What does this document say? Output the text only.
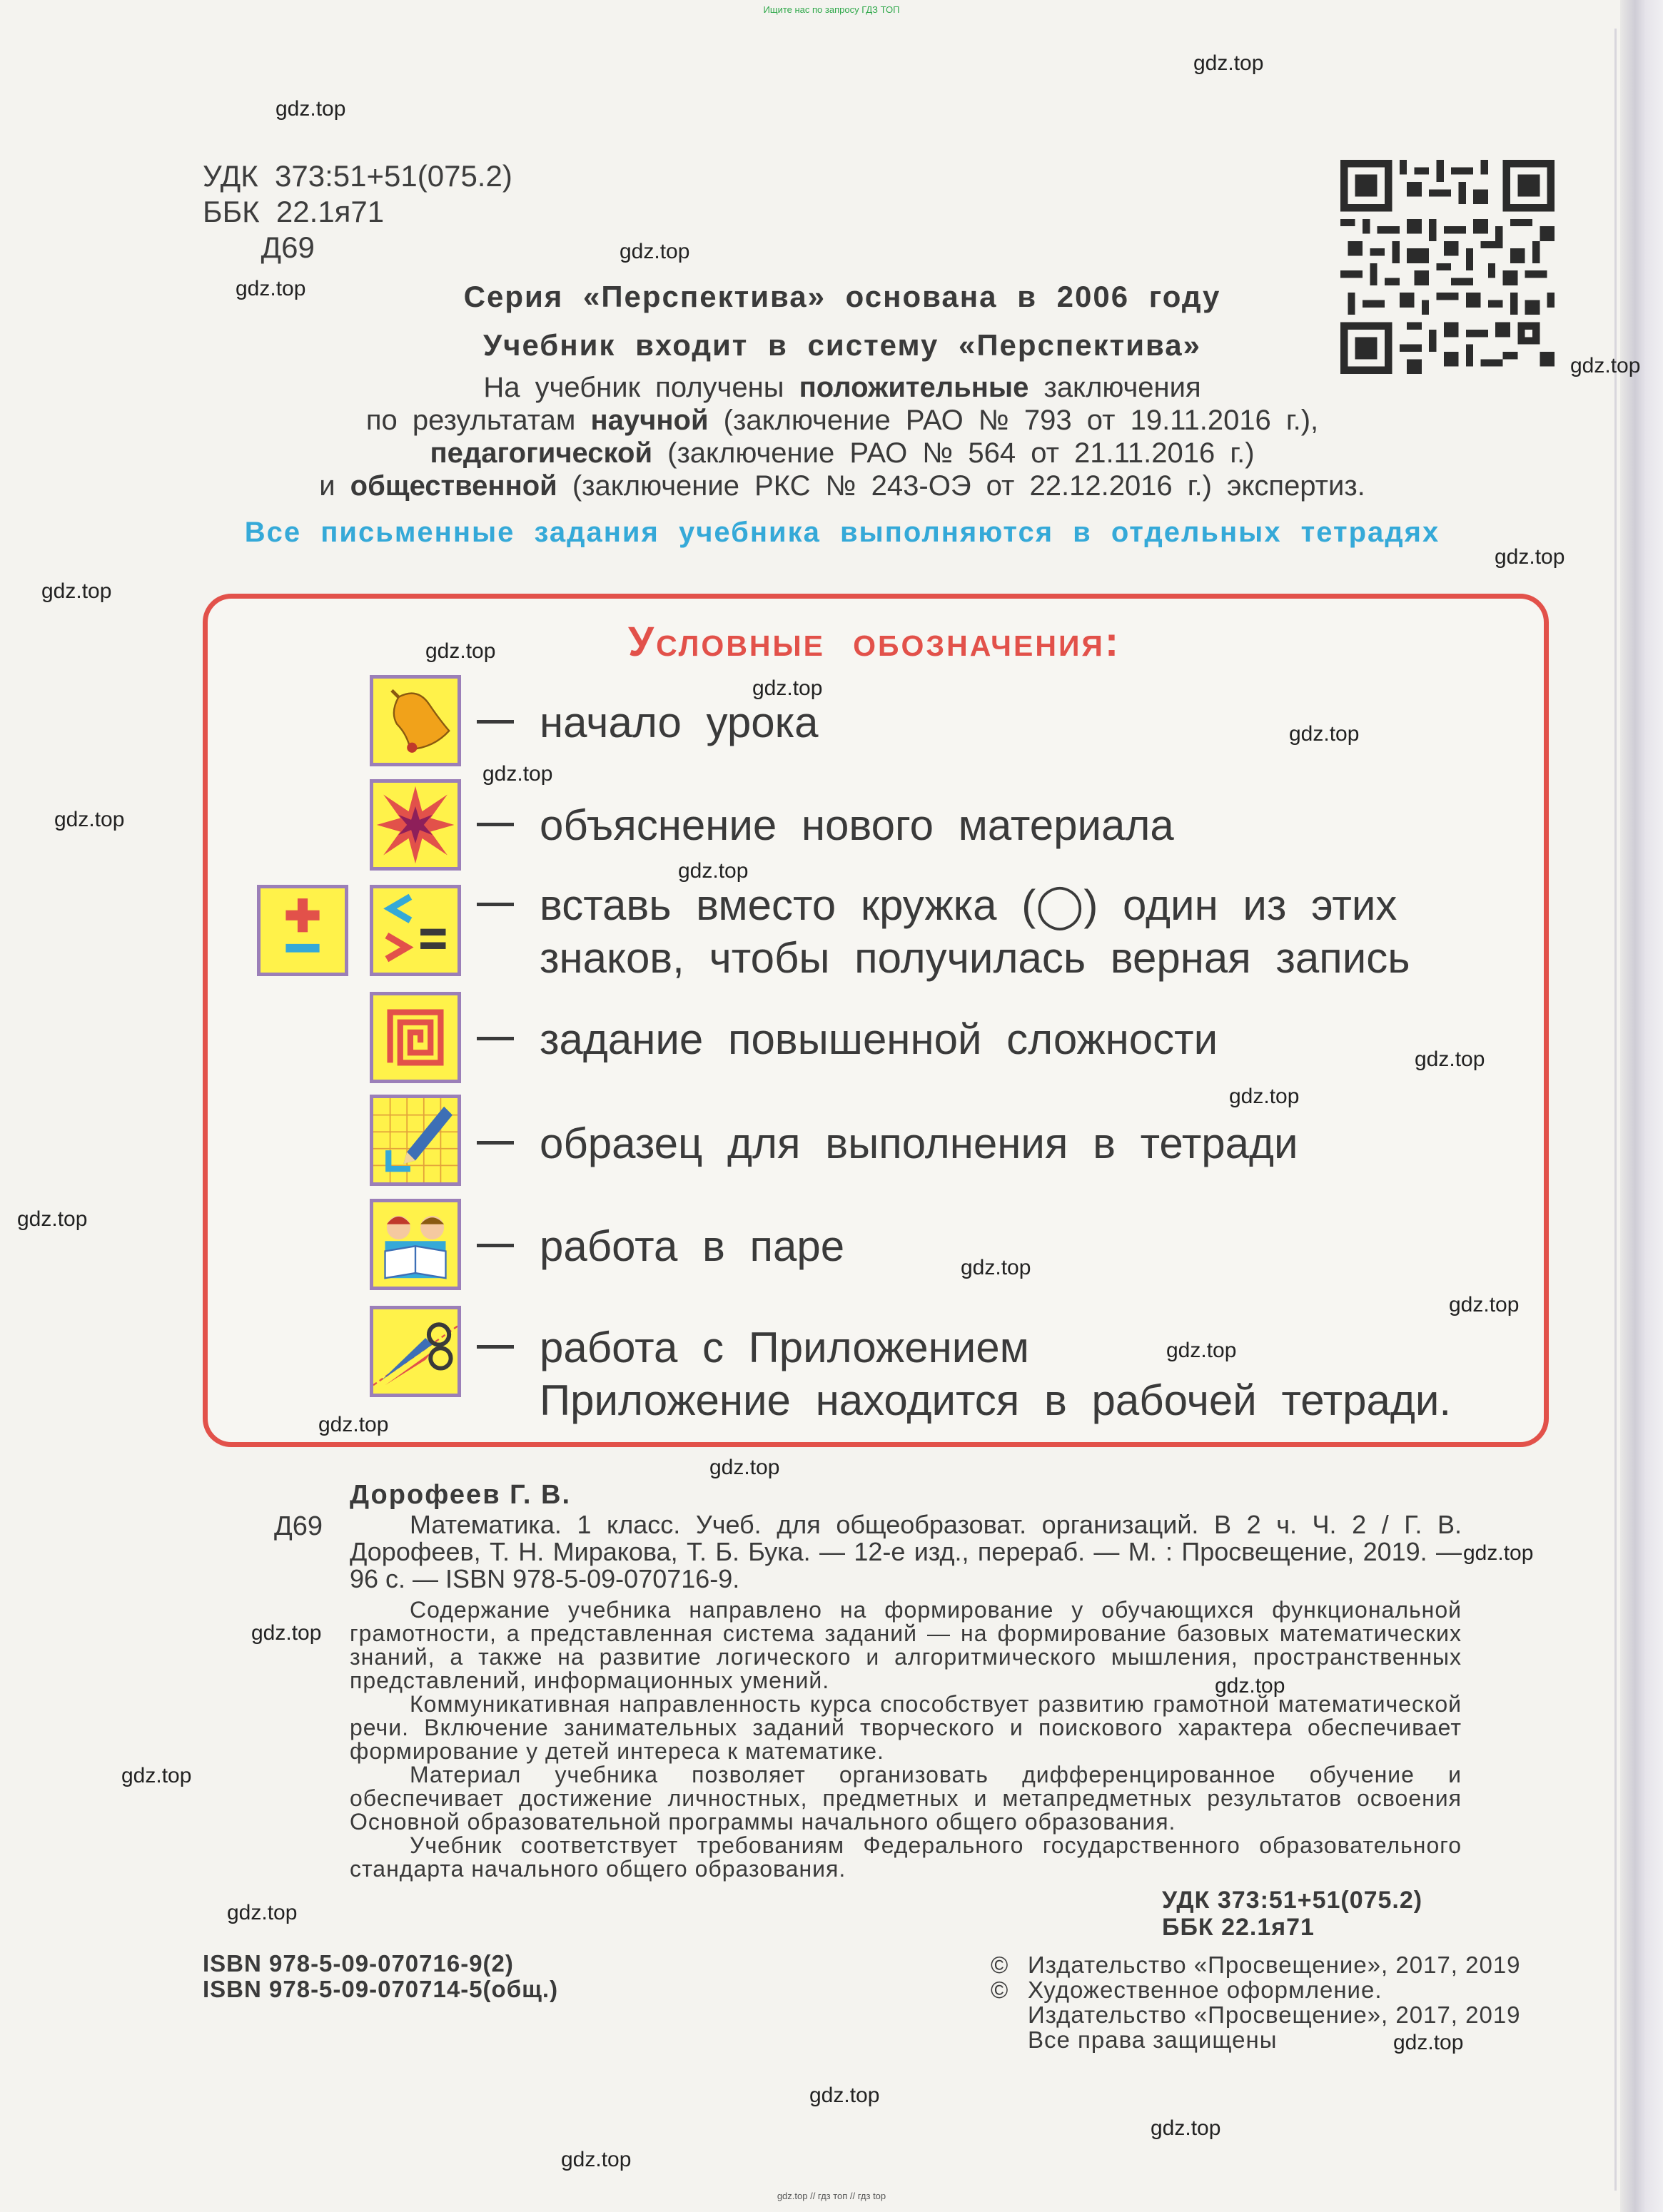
Ищите нас по запросу ГДЗ ТОП
УДК  373:51+51(075.2)
ББК  22.1я71
Д69
Серия «Перспектива» основана в 2006 году
Учебник входит в систему «Перспектива»
На учебник получены положительные заключения
по результатам научной (заключение РАО № 793 от 19.11.2016 г.),
педагогической (заключение РАО № 564 от 21.11.2016 г.)
и общественной (заключение РКС № 243-ОЭ от 22.12.2016 г.) экспертиз.
Все письменные задания учебника выполняются в отдельных тетрадях
Условные обозначения:
начало урока
объяснение нового материала
вставь вместо кружка (◯) один из этих
знаков, чтобы получилась верная запись
задание повышенной сложности
образец для выполнения в тетради
работа в паре
работа с Приложением
Приложение находится в рабочей тетради.
Дорофеев Г. В.
Д69	Математика. 1 класс. Учеб. для общеобразоват. организаций. В 2 ч. Ч. 2 / Г. В. Дорофеев, Т. Н. Миракова, Т. Б. Бука. — 12-е изд., перераб. — М. : Просвещение, 2019. — 96 с. — ISBN 978-5-09-070716-9.

Содержание учебника направлено на формирование у обучающихся функциональной грамотности, а представленная система заданий — на формирование базовых математических знаний, а также на развитие логического и алгоритмического мышления, пространственных представлений, информационных умений.

Коммуникативная направленность курса способствует развитию грамотной математической речи. Включение занимательных заданий творческого и поискового характера обеспечивает формирование у детей интереса к математике.

Материал учебника позволяет организовать дифференцированное обучение и обеспечивает достижение личностных, предметных и метапредметных результатов освоения Основной образовательной программы начального общего образования.

Учебник соответствует требованиям Федерального государственного образовательного стандарта начального общего образования.

УДК 373:51+51(075.2)
ББК 22.1я71
ISBN 978-5-09-070716-9(2)
ISBN 978-5-09-070714-5(общ.)
© Издательство «Просвещение», 2017, 2019
© Художественное оформление.
Издательство «Просвещение», 2017, 2019
Все права защищены
gdz.top // гдз топ // гдз top
gdz.top
gdz.top
gdz.top
gdz.top
gdz.top
gdz.top
gdz.top
gdz.top
gdz.top
gdz.top
gdz.top
gdz.top
gdz.top
gdz.top
gdz.top
gdz.top
gdz.top
gdz.top
gdz.top
gdz.top
gdz.top
gdz.top
gdz.top
gdz.top
gdz.top
gdz.top
gdz.top
gdz.top
gdz.top
gdz.top
